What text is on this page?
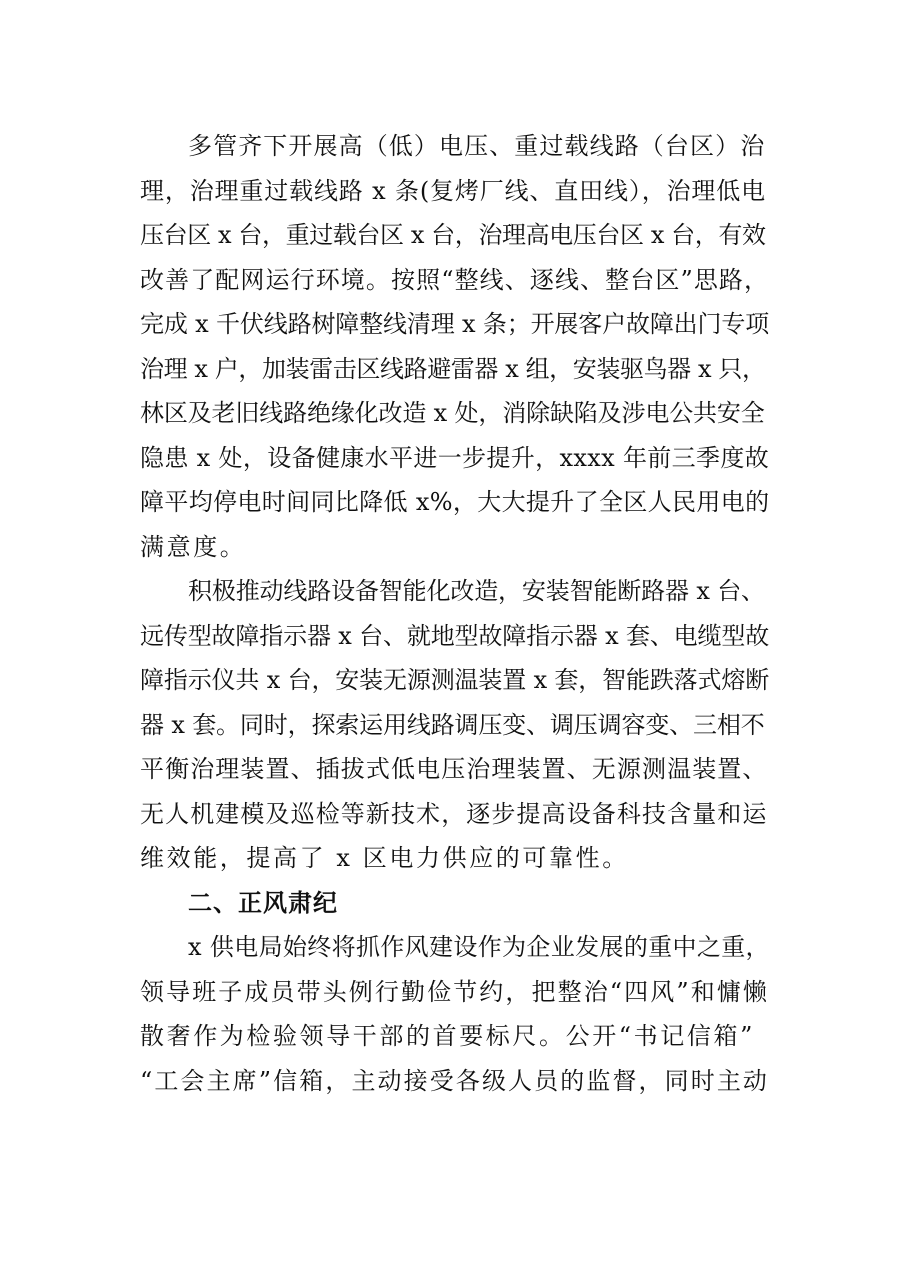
多管齐下开展高（低）电压、重过载线路（台区）治
理，治理重过载线路 x 条(复烤厂线、直田线），治理低电
压台区 x 台，重过载台区 x 台，治理高电压台区 x 台，有效
改善了配网运行环境。按照“整线、逐线、整台区”思路，
完成 x 千伏线路树障整线清理 x 条；开展客户故障出门专项
治理 x 户，加装雷击区线路避雷器 x 组，安装驱鸟器 x 只，
林区及老旧线路绝缘化改造 x 处，消除缺陷及涉电公共安全
隐患 x 处，设备健康水平进一步提升，xxxx 年前三季度故
障平均停电时间同比降低 x%，大大提升了全区人民用电的
满意度。
积极推动线路设备智能化改造，安装智能断路器 x 台、
远传型故障指示器 x 台、就地型故障指示器 x 套、电缆型故
障指示仪共 x 台，安装无源测温装置 x 套，智能跌落式熔断
器 x 套。同时，探索运用线路调压变、调压调容变、三相不
平衡治理装置、插拔式低电压治理装置、无源测温装置、
无人机建模及巡检等新技术，逐步提高设备科技含量和运
维效能，提高了 x 区电力供应的可靠性。
二、正风肃纪
x 供电局始终将抓作风建设作为企业发展的重中之重，
领导班子成员带头例行勤俭节约，把整治“四风”和慵懒
散奢作为检验领导干部的首要标尺。公开“书记信箱”
“工会主席”信箱，主动接受各级人员的监督，同时主动
